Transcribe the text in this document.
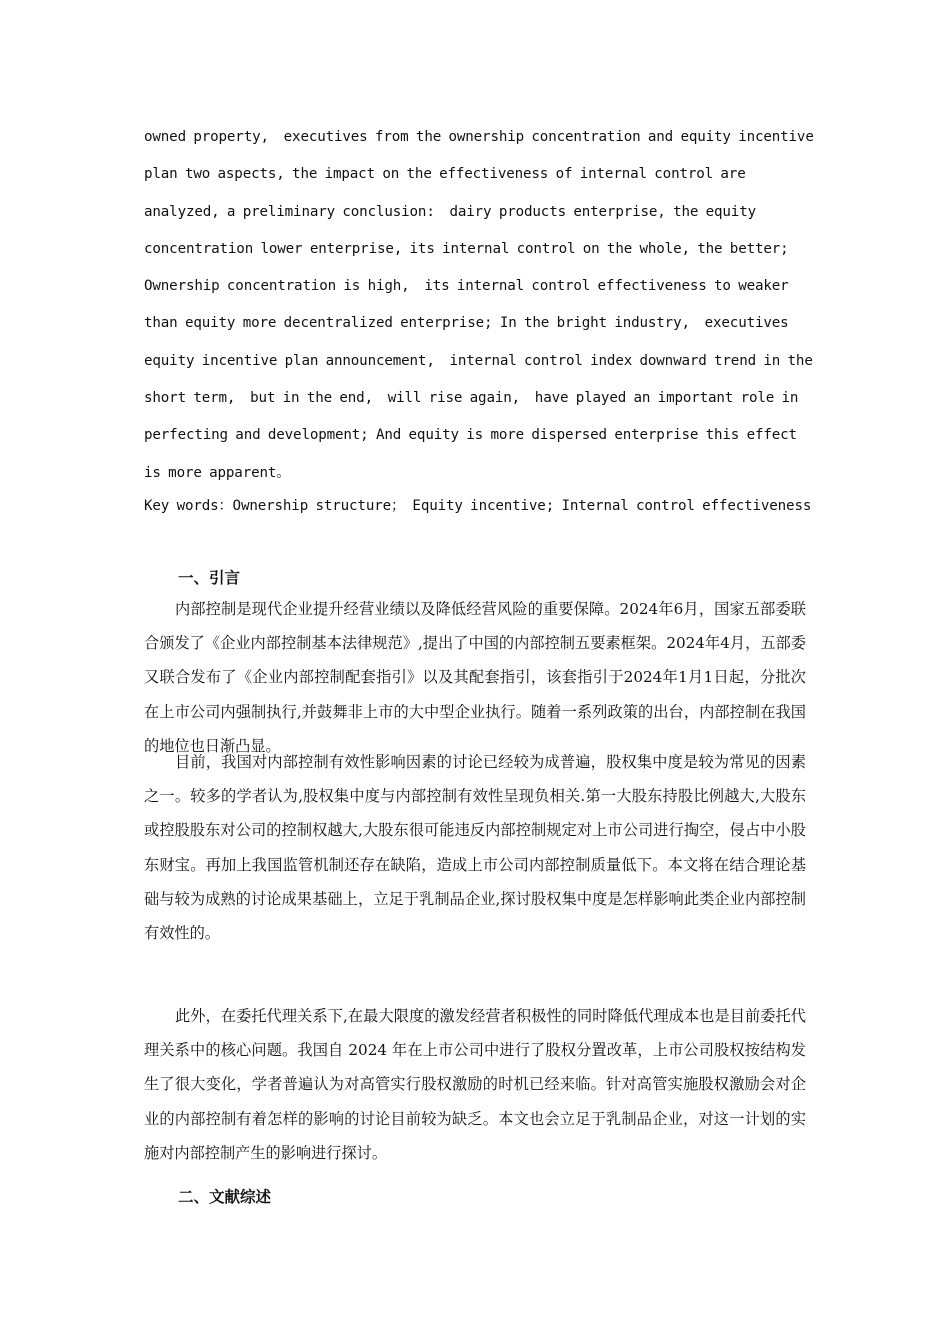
owned property,  executives from the ownership concentration and equity incentive plan two aspects, the impact on the effectiveness of internal control are analyzed, a preliminary conclusion:  dairy products enterprise, the equity concentration lower enterprise, its internal control on the whole, the better; Ownership concentration is high,  its internal control effectiveness to weaker than equity more decentralized enterprise; In the bright industry,  executives equity incentive plan announcement,  internal control index downward trend in the short term,  but in the end,  will rise again,  have played an important role in perfecting and development; And equity is more dispersed enterprise this effect is more apparent。
Key words：Ownership structure； Equity incentive; Internal control effectiveness
一、引言
内部控制是现代企业提升经营业绩以及降低经营风险的重要保障。2024年6月，国家五部委联合颁发了《企业内部控制基本法律规范》,提出了中国的内部控制五要素框架。2024年4月，五部委又联合发布了《企业内部控制配套指引》以及其配套指引，该套指引于2024年1月1日起，分批次在上市公司内强制执行,并鼓舞非上市的大中型企业执行。随着一系列政策的出台，内部控制在我国的地位也日渐凸显。
目前，我国对内部控制有效性影响因素的讨论已经较为成普遍，股权集中度是较为常见的因素之一。较多的学者认为,股权集中度与内部控制有效性呈现负相关.第一大股东持股比例越大,大股东或控股股东对公司的控制权越大,大股东很可能违反内部控制规定对上市公司进行掏空，侵占中小股东财宝。再加上我国监管机制还存在缺陷，造成上市公司内部控制质量低下。本文将在结合理论基础与较为成熟的讨论成果基础上，立足于乳制品企业,探讨股权集中度是怎样影响此类企业内部控制有效性的。
此外，在委托代理关系下,在最大限度的激发经营者积极性的同时降低代理成本也是目前委托代理关系中的核心问题。我国自 2024 年在上市公司中进行了股权分置改革，上市公司股权按结构发生了很大变化，学者普遍认为对高管实行股权激励的时机已经来临。针对高管实施股权激励会对企业的内部控制有着怎样的影响的讨论目前较为缺乏。本文也会立足于乳制品企业，对这一计划的实施对内部控制产生的影响进行探讨。
二、文献综述
